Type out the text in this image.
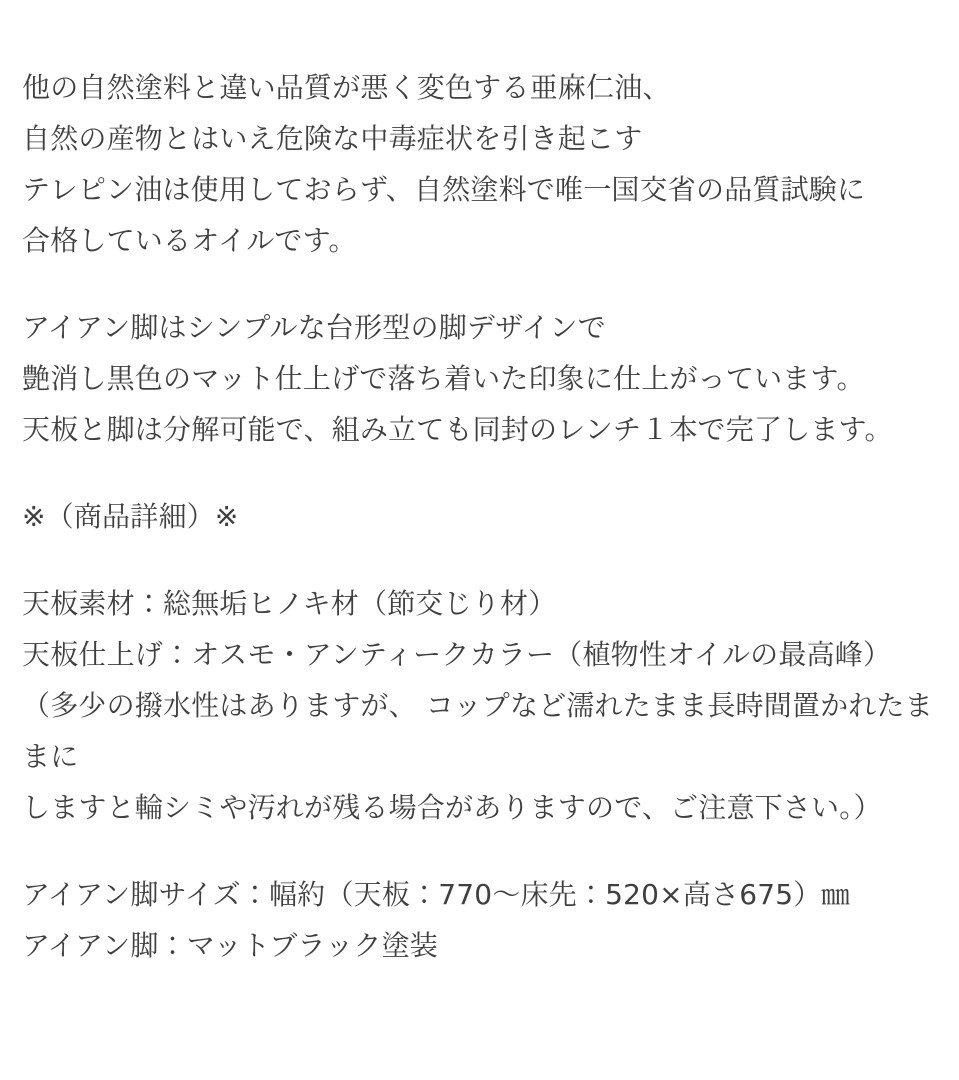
他の自然塗料と違い品質が悪く変色する亜麻仁油、
自然の産物とはいえ危険な中毒症状を引き起こす
テレピン油は使用しておらず、自然塗料で唯一国交省の品質試験に
合格しているオイルです。
アイアン脚はシンプルな台形型の脚デザインで
艶消し黒色のマット仕上げで落ち着いた印象に仕上がっています。
天板と脚は分解可能で、組み立ても同封のレンチ１本で完了します。
※（商品詳細）※
天板素材：総無垢ヒノキ材（節交じり材）
天板仕上げ：オスモ・アンティークカラー（植物性オイルの最高峰）
（多少の撥水性はありますが、 コップなど濡れたまま長時間置かれたままに
しますと輪シミや汚れが残る場合がありますので、ご注意下さい。）
アイアン脚サイズ：幅約（天板：770〜床先：520×高さ675）㎜
アイアン脚：マットブラック塗装
